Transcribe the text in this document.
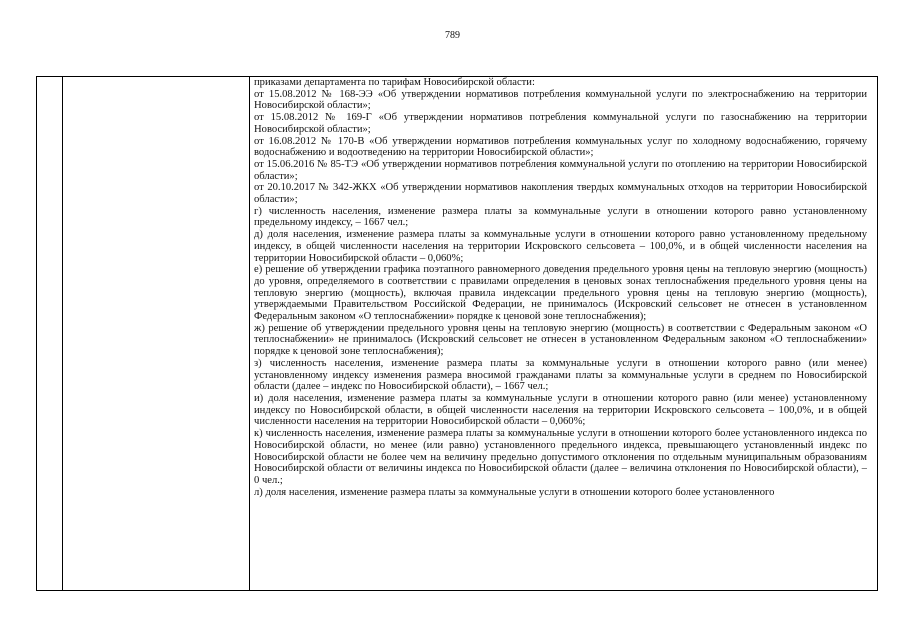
789

приказами департамента по тарифам Новосибирской области:

от 15.08.2012 № 168-ЭЭ «Об утверждении нормативов потребления коммунальной услуги по электроснабжению на территории Новосибирской области»;

от 15.08.2012 № 169-Г «Об утверждении нормативов потребления коммунальной услуги по газоснабжению на территории Новосибирской области»;

от 16.08.2012 № 170-В «Об утверждении нормативов потребления коммунальных услуг по холодному водоснабжению, горячему водоснабжению и водоотведению на территории Новосибирской области»;

от 15.06.2016 № 85-ТЭ «Об утверждении нормативов потребления коммунальной услуги по отоплению на территории Новосибирской области»;

от 20.10.2017 № 342-ЖКХ «Об утверждении нормативов накопления твердых коммунальных отходов на территории Новосибирской области»;

г) численность населения, изменение размера платы за коммунальные услуги в отношении которого равно установленному предельному индексу, – 1667 чел.;

д) доля населения, изменение размера платы за коммунальные услуги в отношении которого равно установленному предельному индексу, в общей численности населения на территории Искровского сельсовета – 100,0%, и в общей численности населения на территории Новосибирской области – 0,060%;

е) решение об утверждении графика поэтапного равномерного доведения предельного уровня цены на тепловую энергию (мощность) до уровня, определяемого в соответствии с правилами определения в ценовых зонах теплоснабжения предельного уровня цены на тепловую энергию (мощность), включая правила индексации предельного уровня цены на тепловую энергию (мощность), утверждаемыми Правительством Российской Федерации, не принималось (Искровский сельсовет не отнесен в установленном Федеральным законом «О теплоснабжении» порядке к ценовой зоне теплоснабжения);

ж) решение об утверждении предельного уровня цены на тепловую энергию (мощность) в соответствии с Федеральным законом «О теплоснабжении» не принималось (Искровский сельсовет не отнесен в установленном Федеральным законом «О теплоснабжении» порядке к ценовой зоне теплоснабжения);

з) численность населения, изменение размера платы за коммунальные услуги в отношении которого равно (или менее) установленному индексу изменения размера вносимой гражданами платы за коммунальные услуги в среднем по Новосибирской области (далее – индекс по Новосибирской области), – 1667 чел.;

и) доля населения, изменение размера платы за коммунальные услуги в отношении которого равно (или менее) установленному индексу по Новосибирской области, в общей численности населения на территории Искровского сельсовета – 100,0%, и в общей численности населения на территории Новосибирской области – 0,060%;

к) численность населения, изменение размера платы за коммунальные услуги в отношении которого более установленного индекса по Новосибирской области, но менее (или равно) установленного предельного индекса, превышающего установленный индекс по Новосибирской области не более чем на величину предельно допустимого отклонения по отдельным муниципальным образованиям Новосибирской области от величины индекса по Новосибирской области (далее – величина отклонения по Новосибирской области), – 0 чел.;

л) доля населения, изменение размера платы за коммунальные услуги в отношении которого более установленного
